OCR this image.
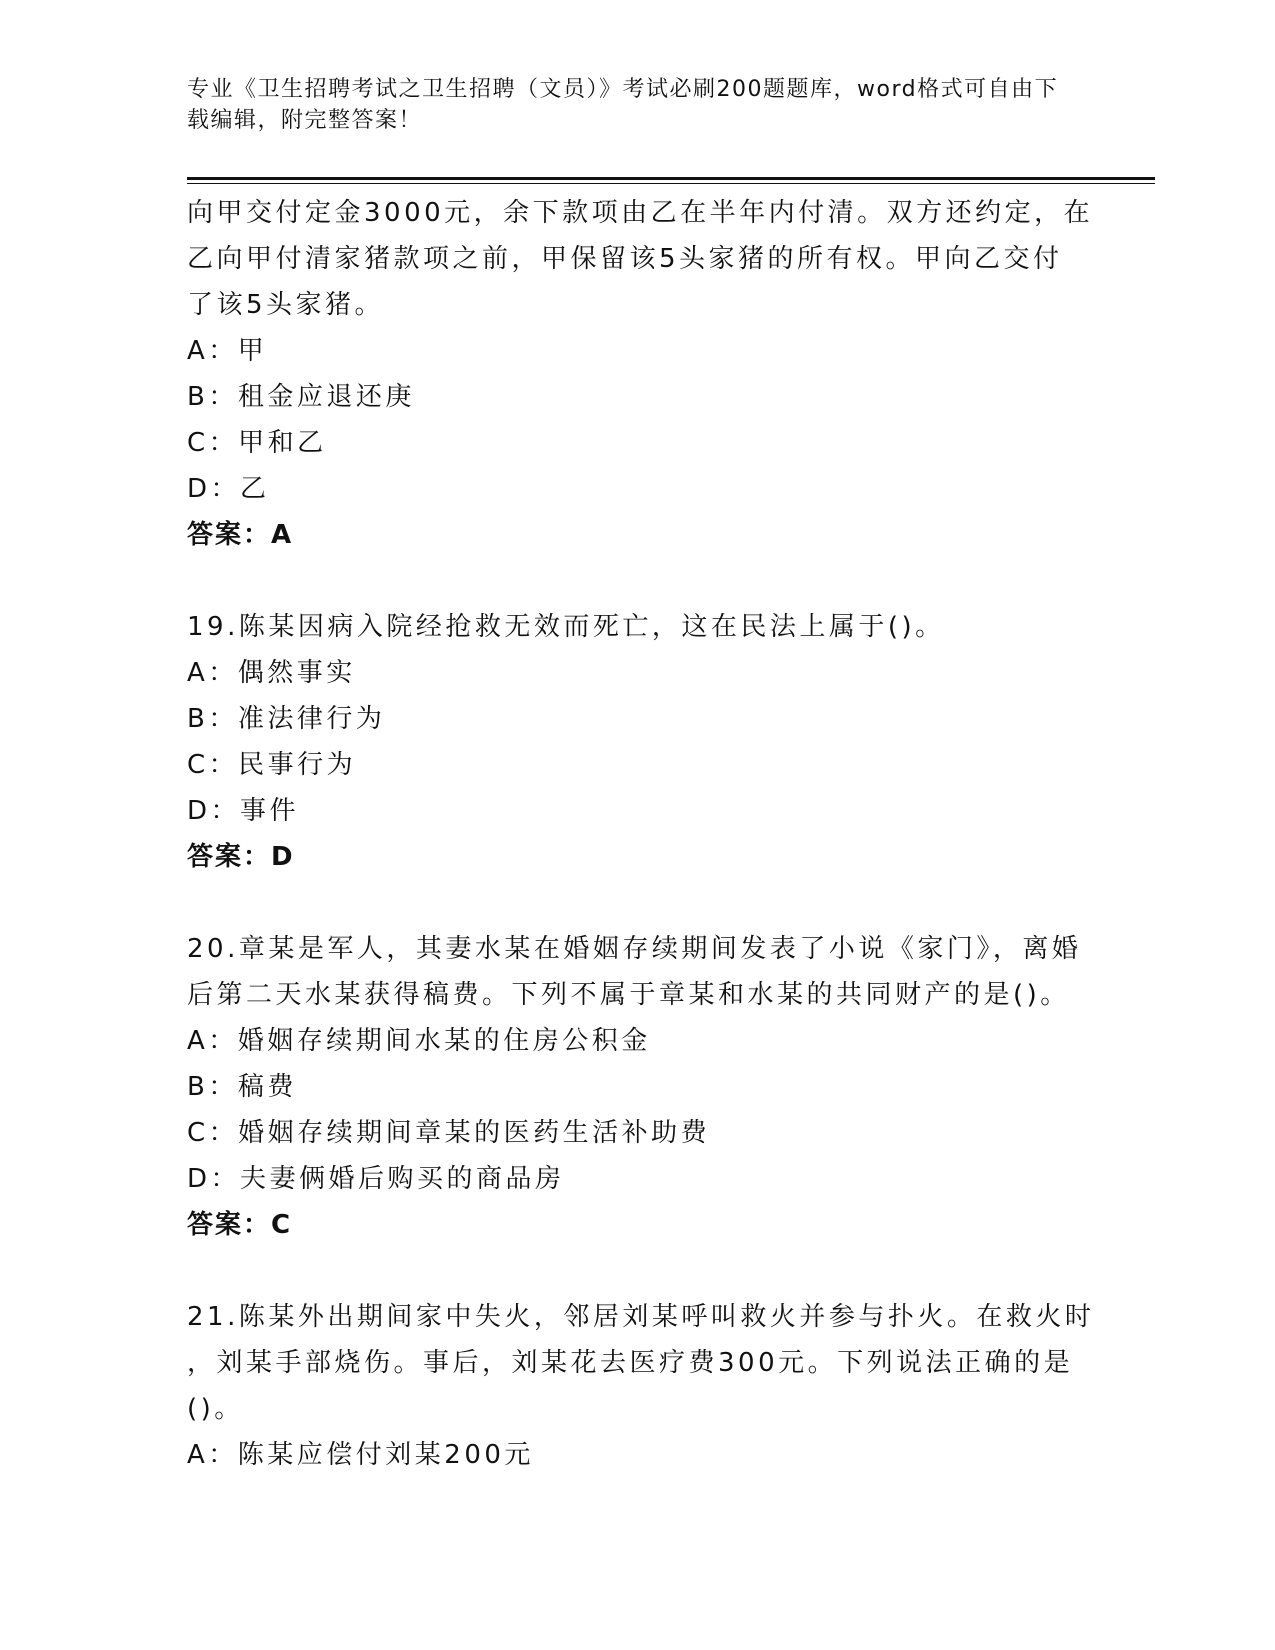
专业《卫生招聘考试之卫生招聘（文员）》考试必刷200题题库，word格式可自由下载编辑，附完整答案！
向甲交付定金3000元，余下款项由乙在半年内付清。双方还约定，在
乙向甲付清家猪款项之前，甲保留该5头家猪的所有权。甲向乙交付
了该5头家猪。
A：甲
B：租金应退还庚
C：甲和乙
D：乙
答案：A
19.陈某因病入院经抢救无效而死亡，这在民法上属于()。
A：偶然事实
B：准法律行为
C：民事行为
D：事件
答案：D
20.章某是军人，其妻水某在婚姻存续期间发表了小说《家门》，离婚
后第二天水某获得稿费。下列不属于章某和水某的共同财产的是()。
A：婚姻存续期间水某的住房公积金
B：稿费
C：婚姻存续期间章某的医药生活补助费
D：夫妻俩婚后购买的商品房
答案：C
21.陈某外出期间家中失火，邻居刘某呼叫救火并参与扑火。在救火时
，刘某手部烧伤。事后，刘某花去医疗费300元。下列说法正确的是
()。
A：陈某应偿付刘某200元
